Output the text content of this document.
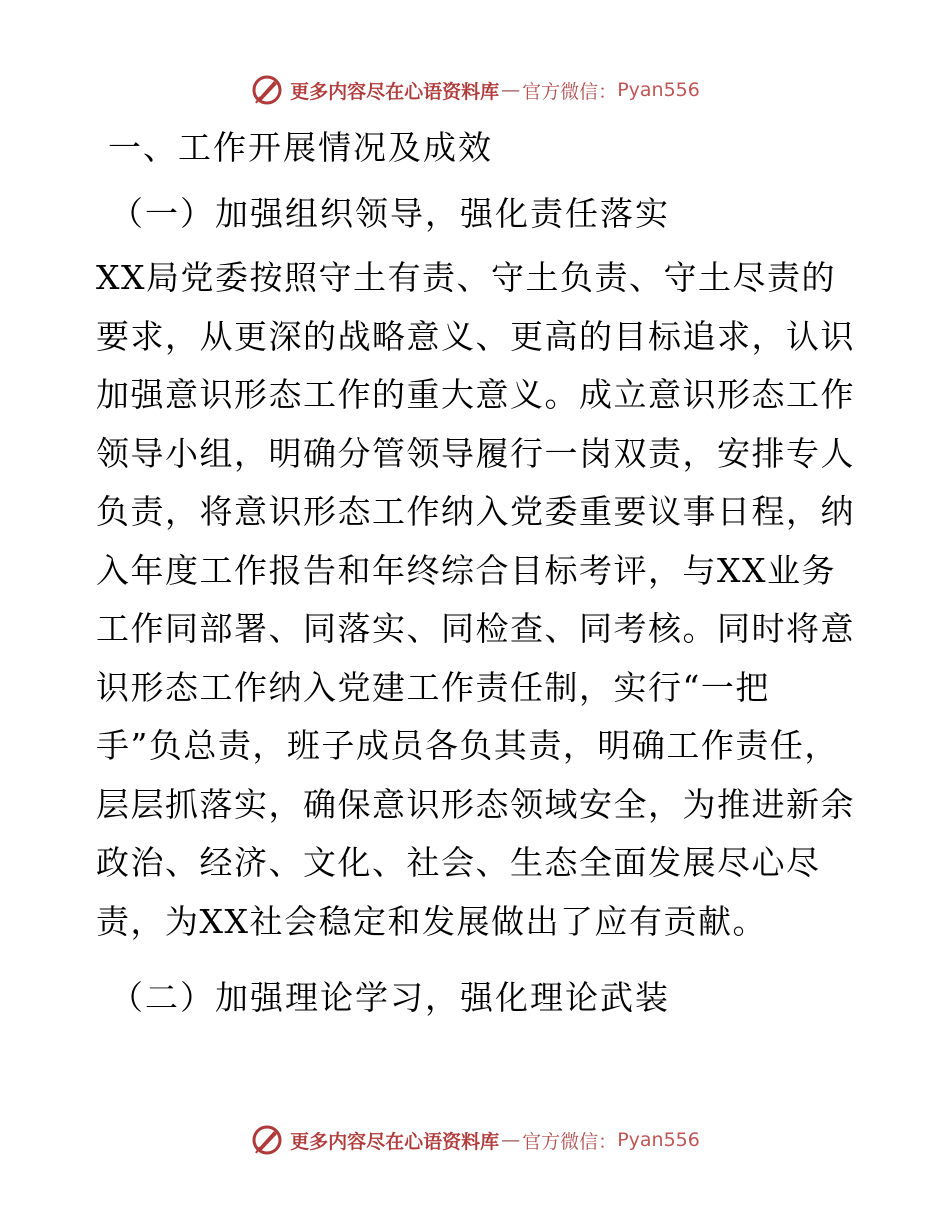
更多内容尽在心语资料库 — 官方微信： Pyan556
一、工作开展情况及成效
（一）加强组织领导，强化责任落实

XX局党委按照守土有责、守土负责、守土尽责的
要求，从更深的战略意义、更高的目标追求，认识
加强意识形态工作的重大意义。成立意识形态工作
领导小组，明确分管领导履行一岗双责，安排专人
负责，将意识形态工作纳入党委重要议事日程，纳
入年度工作报告和年终综合目标考评，与XX业务
工作同部署、同落实、同检查、同考核。同时将意
识形态工作纳入党建工作责任制，实行“一把
手”负总责，班子成员各负其责，明确工作责任，
层层抓落实，确保意识形态领域安全，为推进新余
政治、经济、文化、社会、生态全面发展尽心尽
责，为XX社会稳定和发展做出了应有贡献。

（二）加强理论学习，强化理论武装
更多内容尽在心语资料库 — 官方微信： Pyan556
